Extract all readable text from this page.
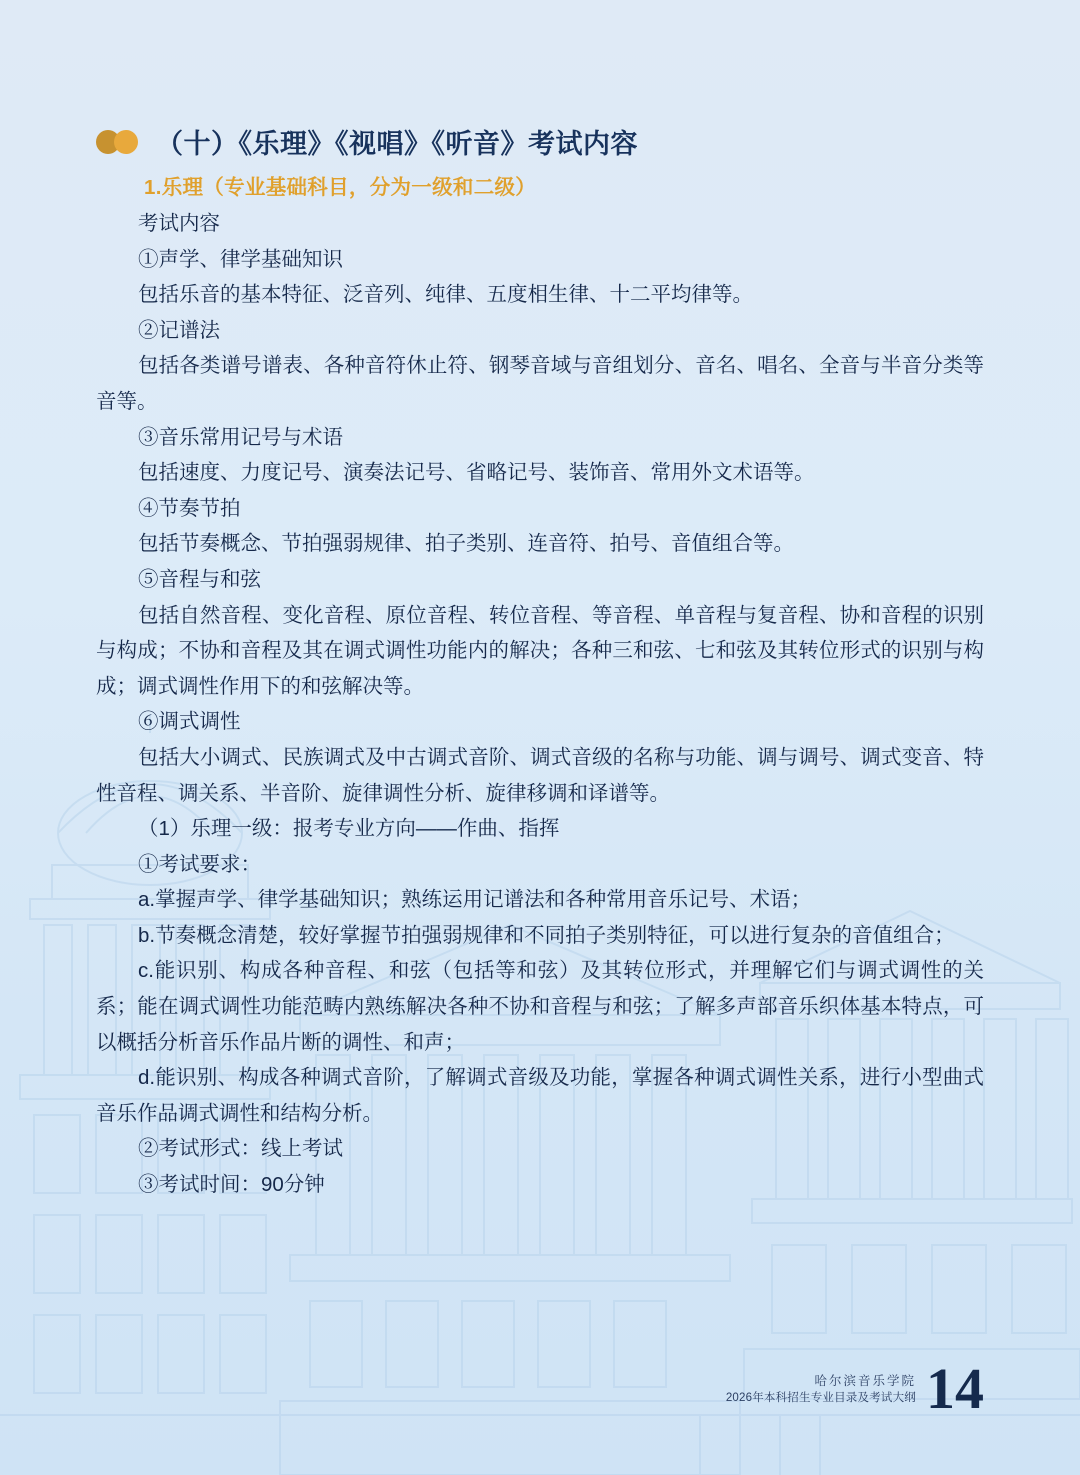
（十）《乐理》《视唱》《听音》考试内容
1.乐理（专业基础科目，分为一级和二级）

考试内容

①声学、律学基础知识

包括乐音的基本特征、泛音列、纯律、五度相生律、十二平均律等。

②记谱法

包括各类谱号谱表、各种音符休止符、钢琴音域与音组划分、音名、唱名、全音与半音分类等音等。

③音乐常用记号与术语

包括速度、力度记号、演奏法记号、省略记号、装饰音、常用外文术语等。

④节奏节拍

包括节奏概念、节拍强弱规律、拍子类别、连音符、拍号、音值组合等。

⑤音程与和弦

包括自然音程、变化音程、原位音程、转位音程、等音程、单音程与复音程、协和音程的识别与构成；不协和音程及其在调式调性功能内的解决；各种三和弦、七和弦及其转位形式的识别与构成；调式调性作用下的和弦解决等。

⑥调式调性

包括大小调式、民族调式及中古调式音阶、调式音级的名称与功能、调与调号、调式变音、特性音程、调关系、半音阶、旋律调性分析、旋律移调和译谱等。

（1）乐理一级：报考专业方向——作曲、指挥

①考试要求：

a.掌握声学、律学基础知识；熟练运用记谱法和各种常用音乐记号、术语；

b.节奏概念清楚，较好掌握节拍强弱规律和不同拍子类别特征，可以进行复杂的音值组合；

c.能识别、构成各种音程、和弦（包括等和弦）及其转位形式，并理解它们与调式调性的关系；能在调式调性功能范畴内熟练解决各种不协和音程与和弦；了解多声部音乐织体基本特点，可以概括分析音乐作品片断的调性、和声；

d.能识别、构成各种调式音阶，了解调式音级及功能，掌握各种调式调性关系，进行小型曲式音乐作品调式调性和结构分析。

②考试形式：线上考试

③考试时间：90分钟

哈尔滨音乐学院
2026年本科招生专业目录及考试大纲 14
